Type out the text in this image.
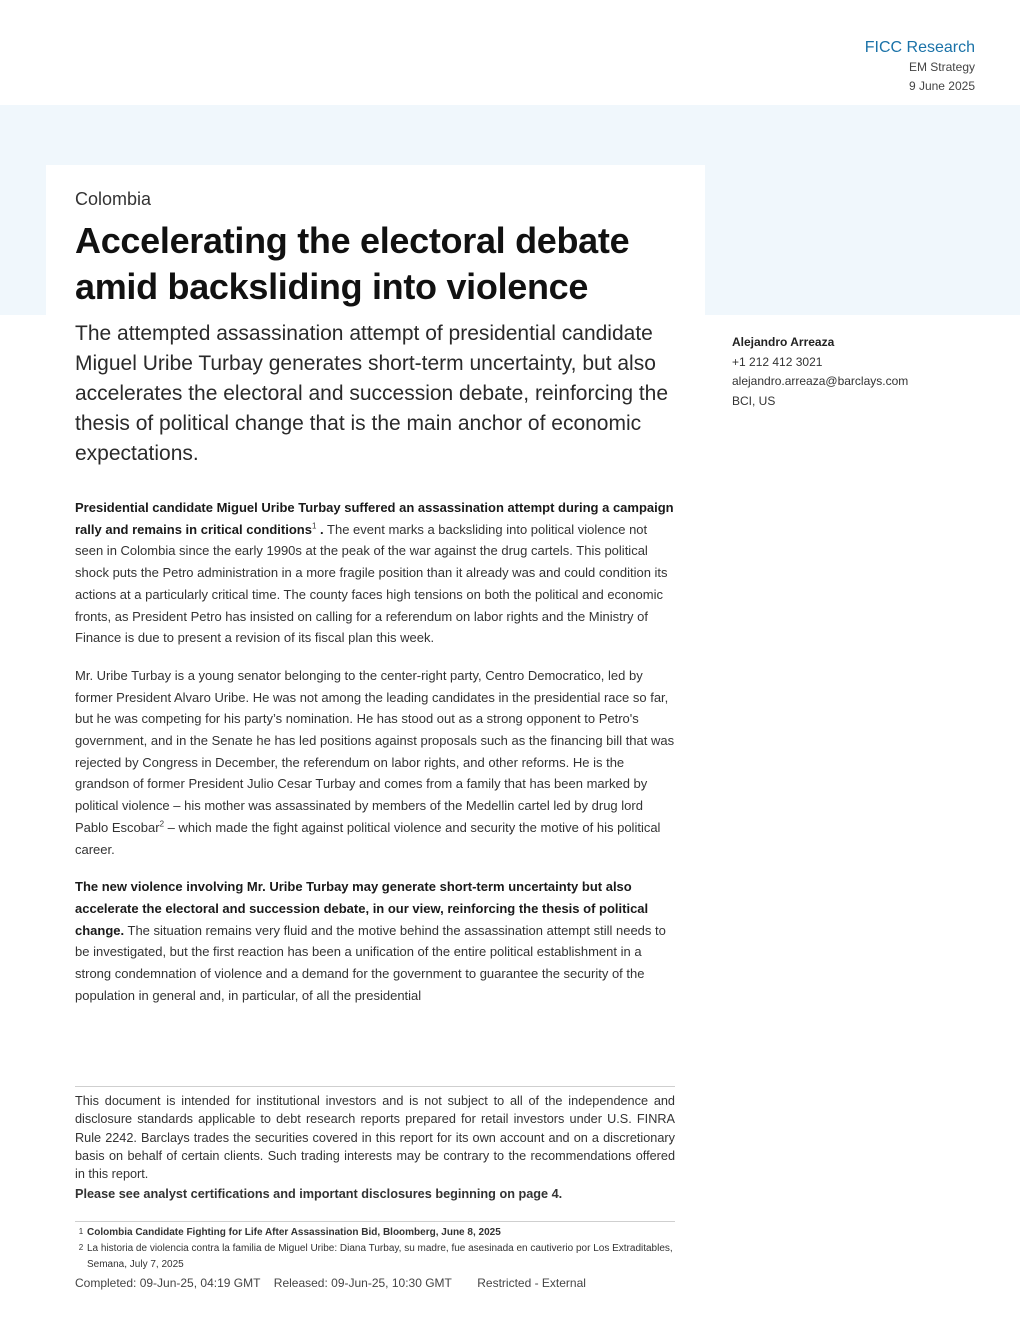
FICC Research
EM Strategy
9 June 2025
Colombia
Accelerating the electoral debate amid backsliding into violence
The attempted assassination attempt of presidential candidate Miguel Uribe Turbay generates short-term uncertainty, but also accelerates the electoral and succession debate, reinforcing the thesis of political change that is the main anchor of economic expectations.
Alejandro Arreaza
+1 212 412 3021
alejandro.arreaza@barclays.com
BCI, US

Presidential candidate Miguel Uribe Turbay suffered an assassination attempt during a campaign rally and remains in critical conditions$^1$ . The event marks a backsliding into political violence not seen in Colombia since the early 1990s at the peak of the war against the drug cartels. This political shock puts the Petro administration in a more fragile position than it already was and could condition its actions at a particularly critical time. The county faces high tensions on both the political and economic fronts, as President Petro has insisted on calling for a referendum on labor rights and the Ministry of Finance is due to present a revision of its fiscal plan this week.

Mr. Uribe Turbay is a young senator belonging to the center-right party, Centro Democratico, led by former President Alvaro Uribe. He was not among the leading candidates in the presidential race so far, but he was competing for his party’s nomination. He has stood out as a strong opponent to Petro's government, and in the Senate he has led positions against proposals such as the financing bill that was rejected by Congress in December, the referendum on labor rights, and other reforms. He is the grandson of former President Julio Cesar Turbay and comes from a family that has been marked by political violence – his mother was assassinated by members of the Medellin cartel led by drug lord Pablo Escobar$^2$ – which made the fight against political violence and security the motive of his political career.

The new violence involving Mr. Uribe Turbay may generate short-term uncertainty but also accelerate the electoral and succession debate, in our view, reinforcing the thesis of political change. The situation remains very fluid and the motive behind the assassination attempt still needs to be investigated, but the first reaction has been a unification of the entire political establishment in a strong condemnation of violence and a demand for the government to guarantee the security of the population in general and, in particular, of all the presidential

This document is intended for institutional investors and is not subject to all of the independence and disclosure standards applicable to debt research reports prepared for retail investors under U.S. FINRA Rule 2242. Barclays trades the securities covered in this report for its own account and on a discretionary basis on behalf of certain clients. Such trading interests may be contrary to the recommendations offered in this report.
Please see analyst certifications and important disclosures beginning on page 4.
1 Colombia Candidate Fighting for Life After Assassination Bid, Bloomberg, June 8, 2025
2 La historia de violencia contra la familia de Miguel Uribe: Diana Turbay, su madre, fue asesinada en cautiverio por Los Extraditables, Semana, July 7, 2025
Completed: 09-Jun-25, 04:19 GMT Released: 09-Jun-25, 10:30 GMT Restricted - External
